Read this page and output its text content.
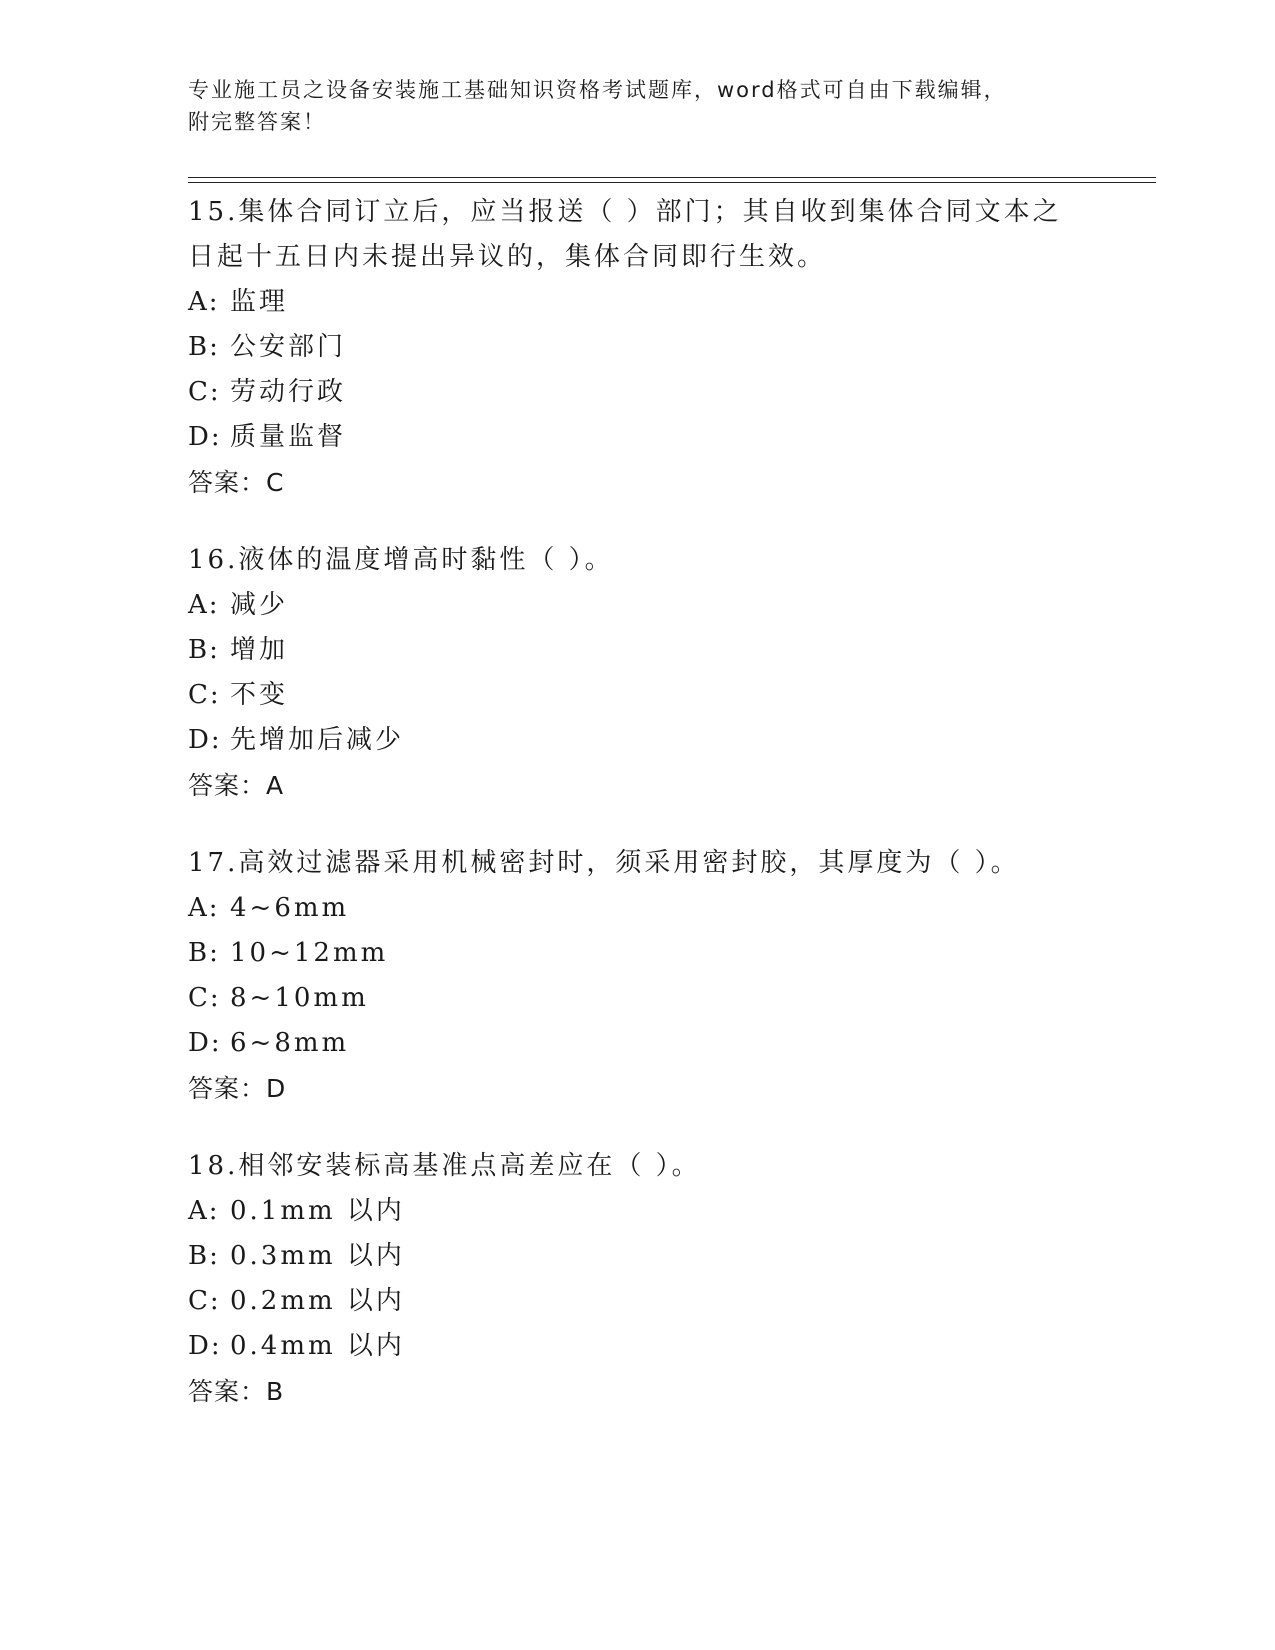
专业施工员之设备安装施工基础知识资格考试题库，word格式可自由下载编辑，
附完整答案！
15.集体合同订立后，应当报送（ ）部门；其自收到集体合同文本之
日起十五日内未提出异议的，集体合同即行生效。
A: 监理
B: 公安部门
C: 劳动行政
D: 质量监督
答案：C
16.液体的温度增高时黏性（ ）。
A: 减少
B: 增加
C: 不变
D: 先增加后减少
答案：A
17.高效过滤器采用机械密封时，须采用密封胶，其厚度为（ ）。
A: 4~6mm
B: 10~12mm
C: 8~10mm
D: 6~8mm
答案：D
18.相邻安装标高基准点高差应在（ ）。
A: 0.1mm 以内
B: 0.3mm 以内
C: 0.2mm 以内
D: 0.4mm 以内
答案：B
